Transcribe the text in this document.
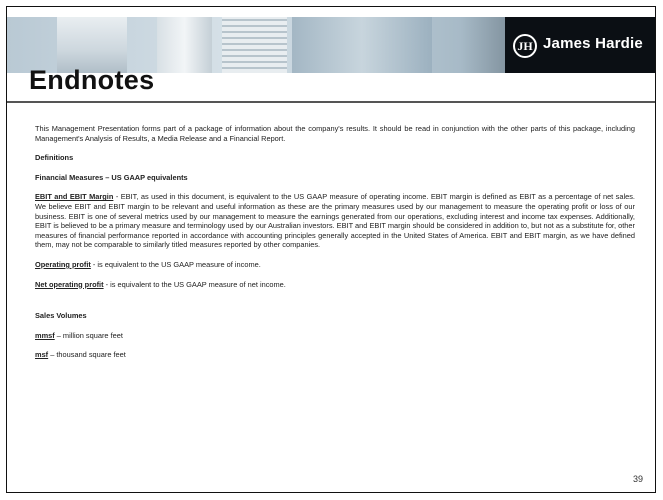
JH James Hardie
Endnotes

This Management Presentation forms part of a package of information about the company's results. It should be read in conjunction with the other parts of this package, including Management's Analysis of Results, a Media Release and a Financial Report.

Definitions

Financial Measures – US GAAP equivalents

EBIT and EBIT Margin - EBIT, as used in this document, is equivalent to the US GAAP measure of operating income. EBIT margin is defined as EBIT as a percentage of net sales. We believe EBIT and EBIT margin to be relevant and useful information as these are the primary measures used by our management to measure the operating profit or loss of our business. EBIT is one of several metrics used by our management to measure the earnings generated from our operations, excluding interest and income tax expenses. Additionally, EBIT is believed to be a primary measure and terminology used by our Australian investors. EBIT and EBIT margin should be considered in addition to, but not as a substitute for, other measures of financial performance reported in accordance with accounting principles generally accepted in the United States of America. EBIT and EBIT margin, as we have defined them, may not be comparable to similarly titled measures reported by other companies.

Operating profit - is equivalent to the US GAAP measure of income.

Net operating profit - is equivalent to the US GAAP measure of net income.

Sales Volumes

mmsf – million square feet

msf – thousand square feet

39
